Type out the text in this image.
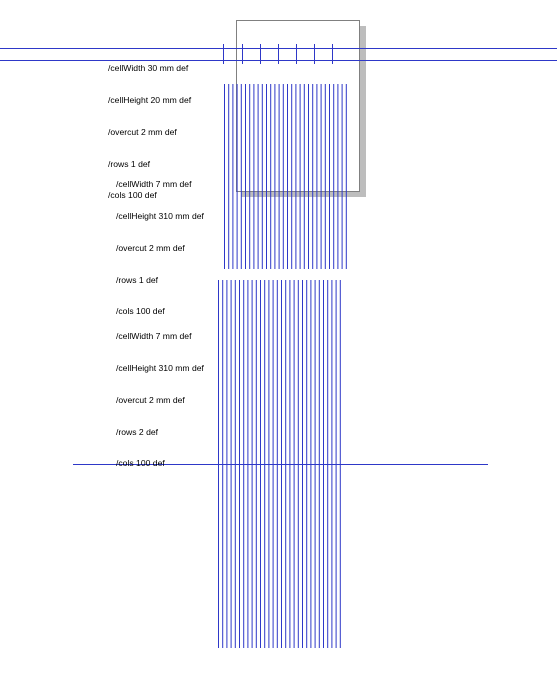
/cellWidth 30 mm def

/cellHeight 20 mm def

/overcut 2 mm def

/rows 1 def

/cols 100 def

/cellWidth 7 mm def

/cellHeight 310 mm def

/overcut 2 mm def

/rows 1 def

/cols 100 def

/cellWidth 7 mm def

/cellHeight 310 mm def

/overcut 2 mm def

/rows 2 def

/cols 100 def
